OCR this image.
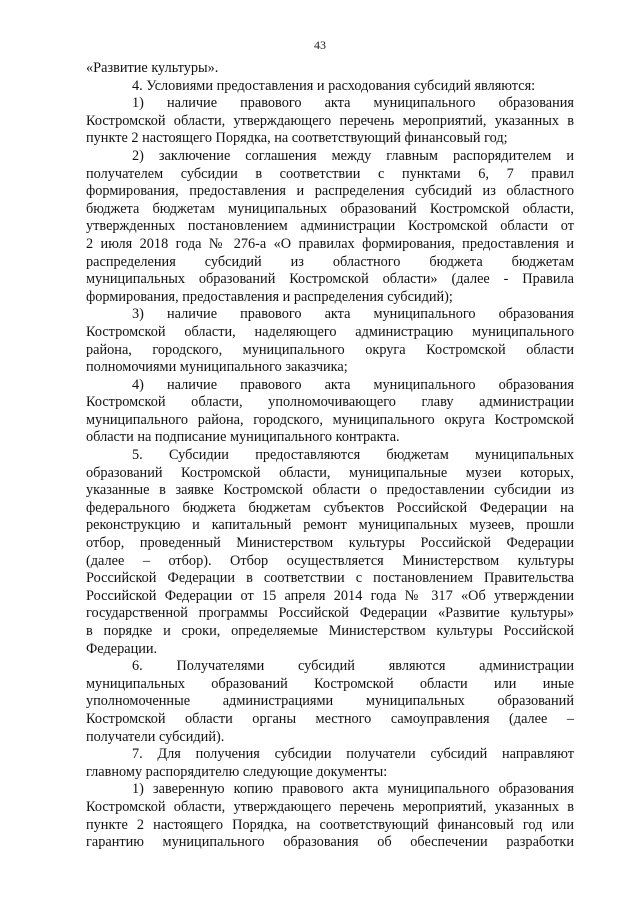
43
«Развитие культуры».
4. Условиями предоставления и расходования субсидий являются:
1) наличие правового акта муниципального образования
Костромской области, утверждающего перечень мероприятий, указанных в
пункте 2 настоящего Порядка, на соответствующий финансовый год;
2) заключение соглашения между главным распорядителем и
получателем субсидии в соответствии с пунктами 6, 7 правил
формирования, предоставления и распределения субсидий из областного
бюджета бюджетам муниципальных образований Костромской области,
утвержденных постановлением администрации Костромской области от
2 июля 2018 года № 276-а «О правилах формирования, предоставления и
распределения субсидий из областного бюджета бюджетам
муниципальных образований Костромской области» (далее - Правила
формирования, предоставления и распределения субсидий);
3) наличие правового акта муниципального образования
Костромской области, наделяющего администрацию муниципального
района, городского, муниципального округа Костромской области
полномочиями муниципального заказчика;
4) наличие правового акта муниципального образования
Костромской области, уполномочивающего главу администрации
муниципального района, городского, муниципального округа Костромской
области на подписание муниципального контракта.
5. Субсидии предоставляются бюджетам муниципальных
образований Костромской области, муниципальные музеи которых,
указанные в заявке Костромской области о предоставлении субсидии из
федерального бюджета бюджетам субъектов Российской Федерации на
реконструкцию и капитальный ремонт муниципальных музеев, прошли
отбор, проведенный Министерством культуры Российской Федерации
(далее – отбор). Отбор осуществляется Министерством культуры
Российской Федерации в соответствии с постановлением Правительства
Российской Федерации от 15 апреля 2014 года № 317 «Об утверждении
государственной программы Российской Федерации «Развитие культуры»
в порядке и сроки, определяемые Министерством культуры Российской
Федерации.
6. Получателями субсидий являются администрации
муниципальных образований Костромской области или иные
уполномоченные администрациями муниципальных образований
Костромской области органы местного самоуправления (далее –
получатели субсидий).
7. Для получения субсидии получатели субсидий направляют
главному распорядителю следующие документы:
1) заверенную копию правового акта муниципального образования
Костромской области, утверждающего перечень мероприятий, указанных в
пункте 2 настоящего Порядка, на соответствующий финансовый год или
гарантию муниципального образования об обеспечении разработки
